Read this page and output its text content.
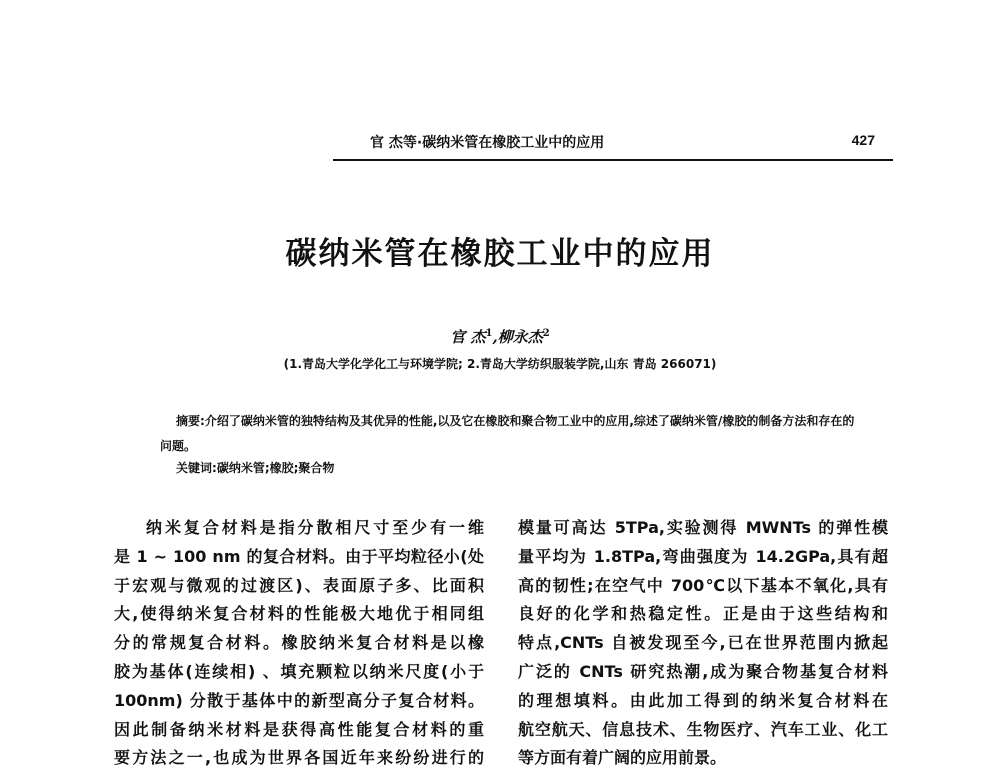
官 杰等·碳纳米管在橡胶工业中的应用	427
碳纳米管在橡胶工业中的应用
官 杰$^1$,柳永杰$^2$
(1.青岛大学化学化工与环境学院; 2.青岛大学纺织服装学院,山东 青岛 266071)
摘要:介绍了碳纳米管的独特结构及其优异的性能,以及它在橡胶和聚合物工业中的应用,综述了碳纳米管/橡胶的制备方法和存在的问题。
关键词:碳纳米管;橡胶;聚合物
纳米复合材料是指分散相尺寸至少有一维
是 1 ~ 100 nm 的复合材料。由于平均粒径小(处
于宏观与微观的过渡区)、表面原子多、比面积
大,使得纳米复合材料的性能极大地优于相同组
分的常规复合材料。橡胶纳米复合材料是以橡
胶为基体(连续相) 、填充颗粒以纳米尺度(小于
100nm) 分散于基体中的新型高分子复合材料。
因此制备纳米材料是获得高性能复合材料的重
要方法之一,也成为世界各国近年来纷纷进行的
模量可高达 5TPa,实验测得 MWNTs 的弹性模
量平均为 1.8TPa,弯曲强度为 14.2GPa,具有超
高的韧性;在空气中 700℃以下基本不氧化,具有
良好的化学和热稳定性。正是由于这些结构和
特点,CNTs 自被发现至今,已在世界范围内掀起
广泛的 CNTs 研究热潮,成为聚合物基复合材料
的理想填料。由此加工得到的纳米复合材料在
航空航天、信息技术、生物医疗、汽车工业、化工
等方面有着广阔的应用前景。
